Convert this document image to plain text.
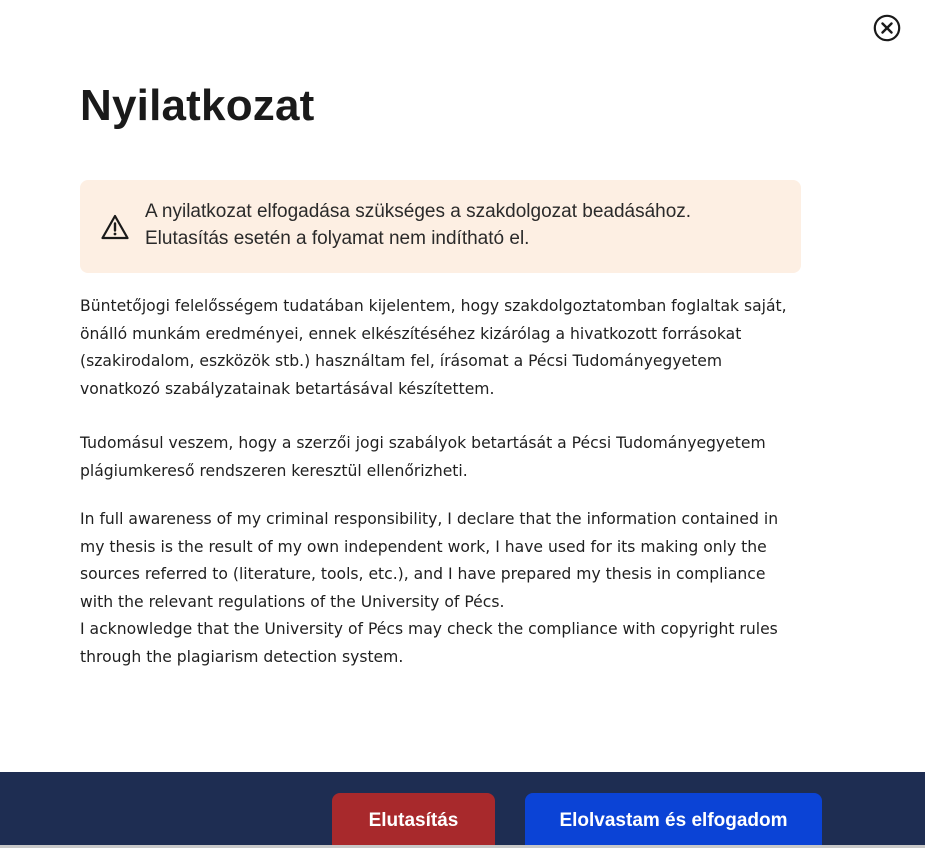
Nyilatkozat
A nyilatkozat elfogadása szükséges a szakdolgozat beadásához.
Elutasítás esetén a folyamat nem indítható el.

Büntetőjogi felelősségem tudatában kijelentem, hogy szakdolgoztatomban foglaltak saját, önálló munkám eredményei, ennek elkészítéséhez kizárólag a hivatkozott forrásokat (szakirodalom, eszközök stb.) használtam fel, írásomat a Pécsi Tudományegyetem vonatkozó szabályzatainak betartásával készítettem.

Tudomásul veszem, hogy a szerzői jogi szabályok betartását a Pécsi Tudományegyetem plágiumkereső rendszeren keresztül ellenőrizheti.

In full awareness of my criminal responsibility, I declare that the information contained in my thesis is the result of my own independent work, I have used for its making only the sources referred to (literature, tools, etc.), and I have prepared my thesis in compliance with the relevant regulations of the University of Pécs.
I acknowledge that the University of Pécs may check the compliance with copyright rules through the plagiarism detection system.

Elutasítás	Elolvastam és elfogadom
